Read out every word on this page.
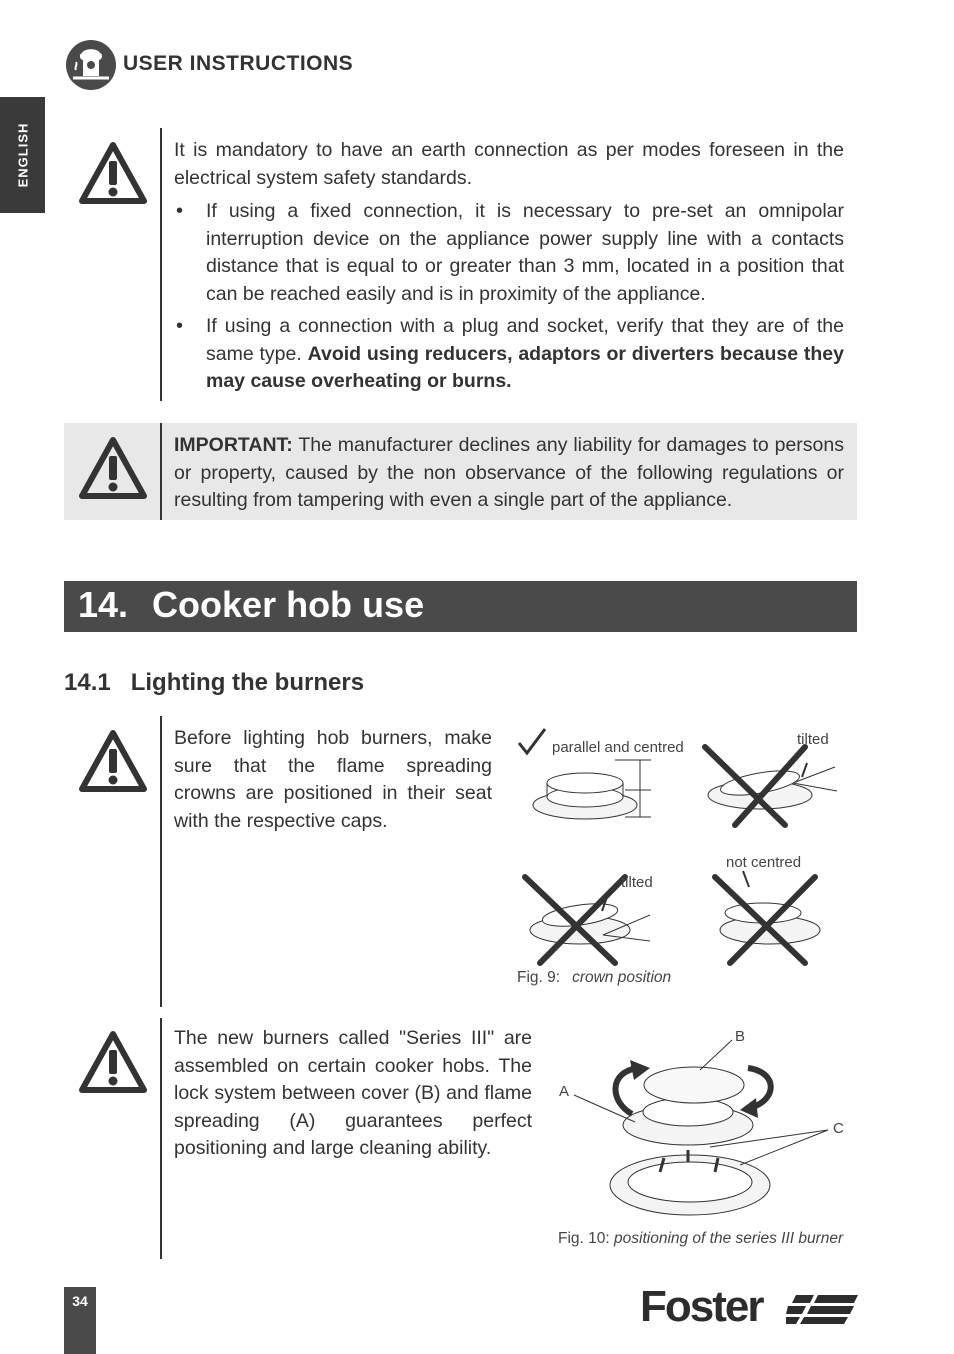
USER INSTRUCTIONS
ENGLISH	It is mandatory to have an earth connection as per modes foreseen in the electrical system safety standards.

• If using a fixed connection, it is necessary to pre-set an omnipolar interruption device on the appliance power supply line with a contacts distance that is equal to or greater than 3 mm, located in a position that can be reached easily and is in proximity of the appliance.
• If using a connection with a plug and socket, verify that they are of the same type. Avoid using reducers, adaptors or diverters because they may cause overheating or burns.
IMPORTANT: The manufacturer declines any liability for damages to persons or property, caused by the non observance of the following regulations or resulting from tampering with even a single part of the appliance.
14. Cooker hob use
14.1 Lighting the burners
Before lighting hob burners, make sure that the flame spreading crowns are positioned in their seat with the respective caps.
parallel and centred	tilted
tilted
not centred
Fig. 9: crown position
The new burners called "Series III" are assembled on certain cooker hobs. The lock system between cover (B) and flame spreading (A) guarantees perfect positioning and large cleaning ability.
B
A
C
Fig. 10: positioning of the series III burner
34	Foster
